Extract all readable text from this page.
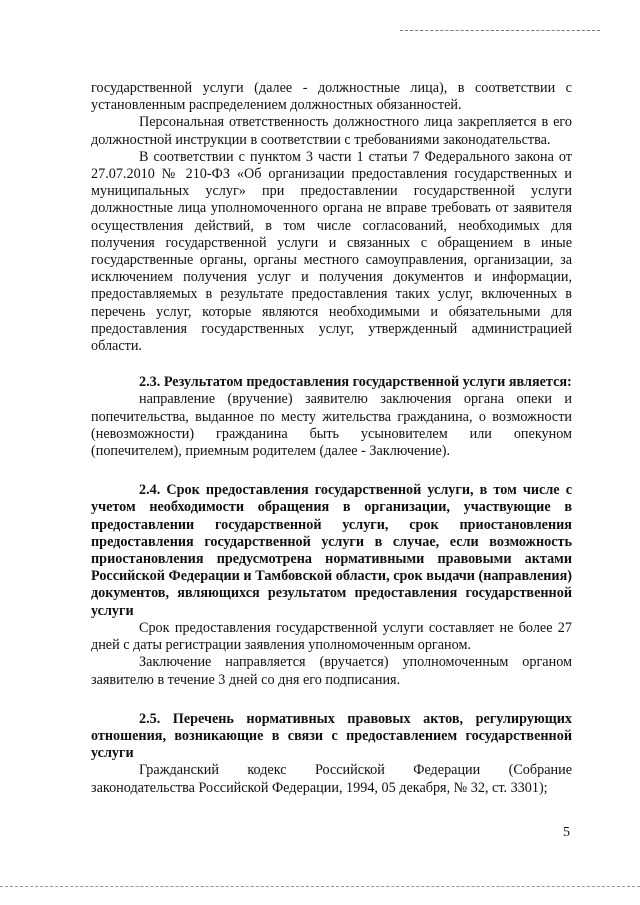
государственной услуги (далее - должностные лица), в соответствии с установленным распределением должностных обязанностей.

Персональная ответственность должностного лица закрепляется в его должностной инструкции в соответствии с требованиями законодательства.

В соответствии с пунктом 3 части 1 статьи 7 Федерального закона от 27.07.2010 № 210-ФЗ «Об организации предоставления государственных и муниципальных услуг» при предоставлении государственной услуги должностные лица уполномоченного органа не вправе требовать от заявителя осуществления действий, в том числе согласований, необходимых для получения государственной услуги и связанных с обращением в иные государственные органы, органы местного самоуправления, организации, за исключением получения услуг и получения документов и информации, предоставляемых в результате предоставления таких услуг, включенных в перечень услуг, которые являются необходимыми и обязательными для предоставления государственных услуг, утвержденный администрацией области.

2.3. Результатом предоставления государственной услуги является:

направление (вручение) заявителю заключения органа опеки и попечительства, выданное по месту жительства гражданина, о возможности (невозможности) гражданина быть усыновителем или опекуном (попечителем), приемным родителем (далее - Заключение).

2.4. Срок предоставления государственной услуги, в том числе с учетом необходимости обращения в организации, участвующие в предоставлении государственной услуги, срок приостановления предоставления государственной услуги в случае, если возможность приостановления предусмотрена нормативными правовыми актами Российской Федерации и Тамбовской области, срок выдачи (направления) документов, являющихся результатом предоставления государственной услуги

Срок предоставления государственной услуги составляет не более 27 дней с даты регистрации заявления уполномоченным органом.

Заключение направляется (вручается) уполномоченным органом заявителю в течение 3 дней со дня его подписания.

2.5. Перечень нормативных правовых актов, регулирующих отношения, возникающие в связи с предоставлением государственной услуги

Гражданский кодекс Российской Федерации (Собрание законодательства Российской Федерации, 1994, 05 декабря, № 32, ст. 3301);

5
